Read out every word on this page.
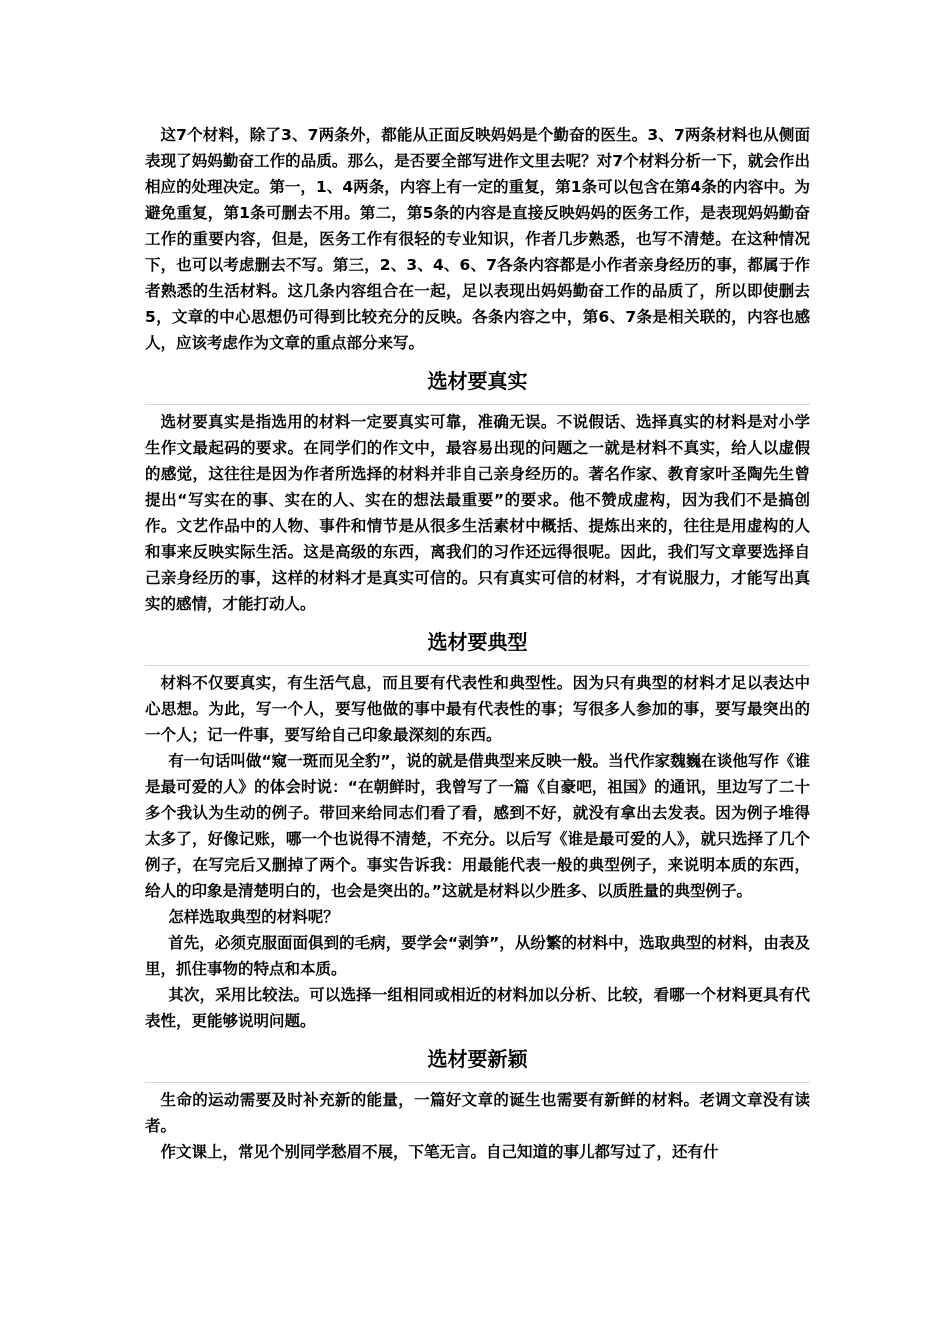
这7个材料，除了3、7两条外，都能从正面反映妈妈是个勤奋的医生。3、7两条材料也从侧面表现了妈妈勤奋工作的品质。那么，是否要全部写进作文里去呢？对7个材料分析一下，就会作出相应的处理决定。第一，1、4两条，内容上有一定的重复，第1条可以包含在第4条的内容中。为避免重复，第1条可删去不用。第二，第5条的内容是直接反映妈妈的医务工作，是表现妈妈勤奋工作的重要内容，但是，医务工作有很轻的专业知识，作者几步熟悉，也写不清楚。在这种情况下，也可以考虑删去不写。第三，2、3、4、6、7各条内容都是小作者亲身经历的事，都属于作者熟悉的生活材料。这几条内容组合在一起，足以表现出妈妈勤奋工作的品质了，所以即使删去5，文章的中心思想仍可得到比较充分的反映。各条内容之中，第6、7条是相关联的，内容也感人，应该考虑作为文章的重点部分来写。

选材要真实

选材要真实是指选用的材料一定要真实可靠，准确无误。不说假话、选择真实的材料是对小学生作文最起码的要求。在同学们的作文中，最容易出现的问题之一就是材料不真实，给人以虚假的感觉，这往往是因为作者所选择的材料并非自己亲身经历的。著名作家、教育家叶圣陶先生曾提出“写实在的事、实在的人、实在的想法最重要”的要求。他不赞成虚构，因为我们不是搞创作。文艺作品中的人物、事件和情节是从很多生活素材中概括、提炼出来的，往往是用虚构的人和事来反映实际生活。这是高级的东西，离我们的习作还远得很呢。因此，我们写文章要选择自己亲身经历的事，这样的材料才是真实可信的。只有真实可信的材料，才有说服力，才能写出真实的感情，才能打动人。

选材要典型

材料不仅要真实，有生活气息，而且要有代表性和典型性。因为只有典型的材料才足以表达中心思想。为此，写一个人，要写他做的事中最有代表性的事；写很多人参加的事，要写最突出的一个人；记一件事，要写给自己印象最深刻的东西。

有一句话叫做“窥一斑而见全豹”，说的就是借典型来反映一般。当代作家魏巍在谈他写作《谁是最可爱的人》的体会时说：“在朝鲜时，我曾写了一篇《自豪吧，祖国》的通讯，里边写了二十多个我认为生动的例子。带回来给同志们看了看，感到不好，就没有拿出去发表。因为例子堆得太多了，好像记账，哪一个也说得不清楚，不充分。以后写《谁是最可爱的人》，就只选择了几个例子，在写完后又删掉了两个。事实告诉我：用最能代表一般的典型例子，来说明本质的东西，给人的印象是清楚明白的，也会是突出的。”这就是材料以少胜多、以质胜量的典型例子。

怎样选取典型的材料呢？

首先，必须克服面面俱到的毛病，要学会“剥笋”，从纷繁的材料中，选取典型的材料，由表及里，抓住事物的特点和本质。

其次，采用比较法。可以选择一组相同或相近的材料加以分析、比较，看哪一个材料更具有代表性，更能够说明问题。

选材要新颖

生命的运动需要及时补充新的能量，一篇好文章的诞生也需要有新鲜的材料。老调文章没有读者。

作文课上，常见个别同学愁眉不展，下笔无言。自己知道的事儿都写过了，还有什
